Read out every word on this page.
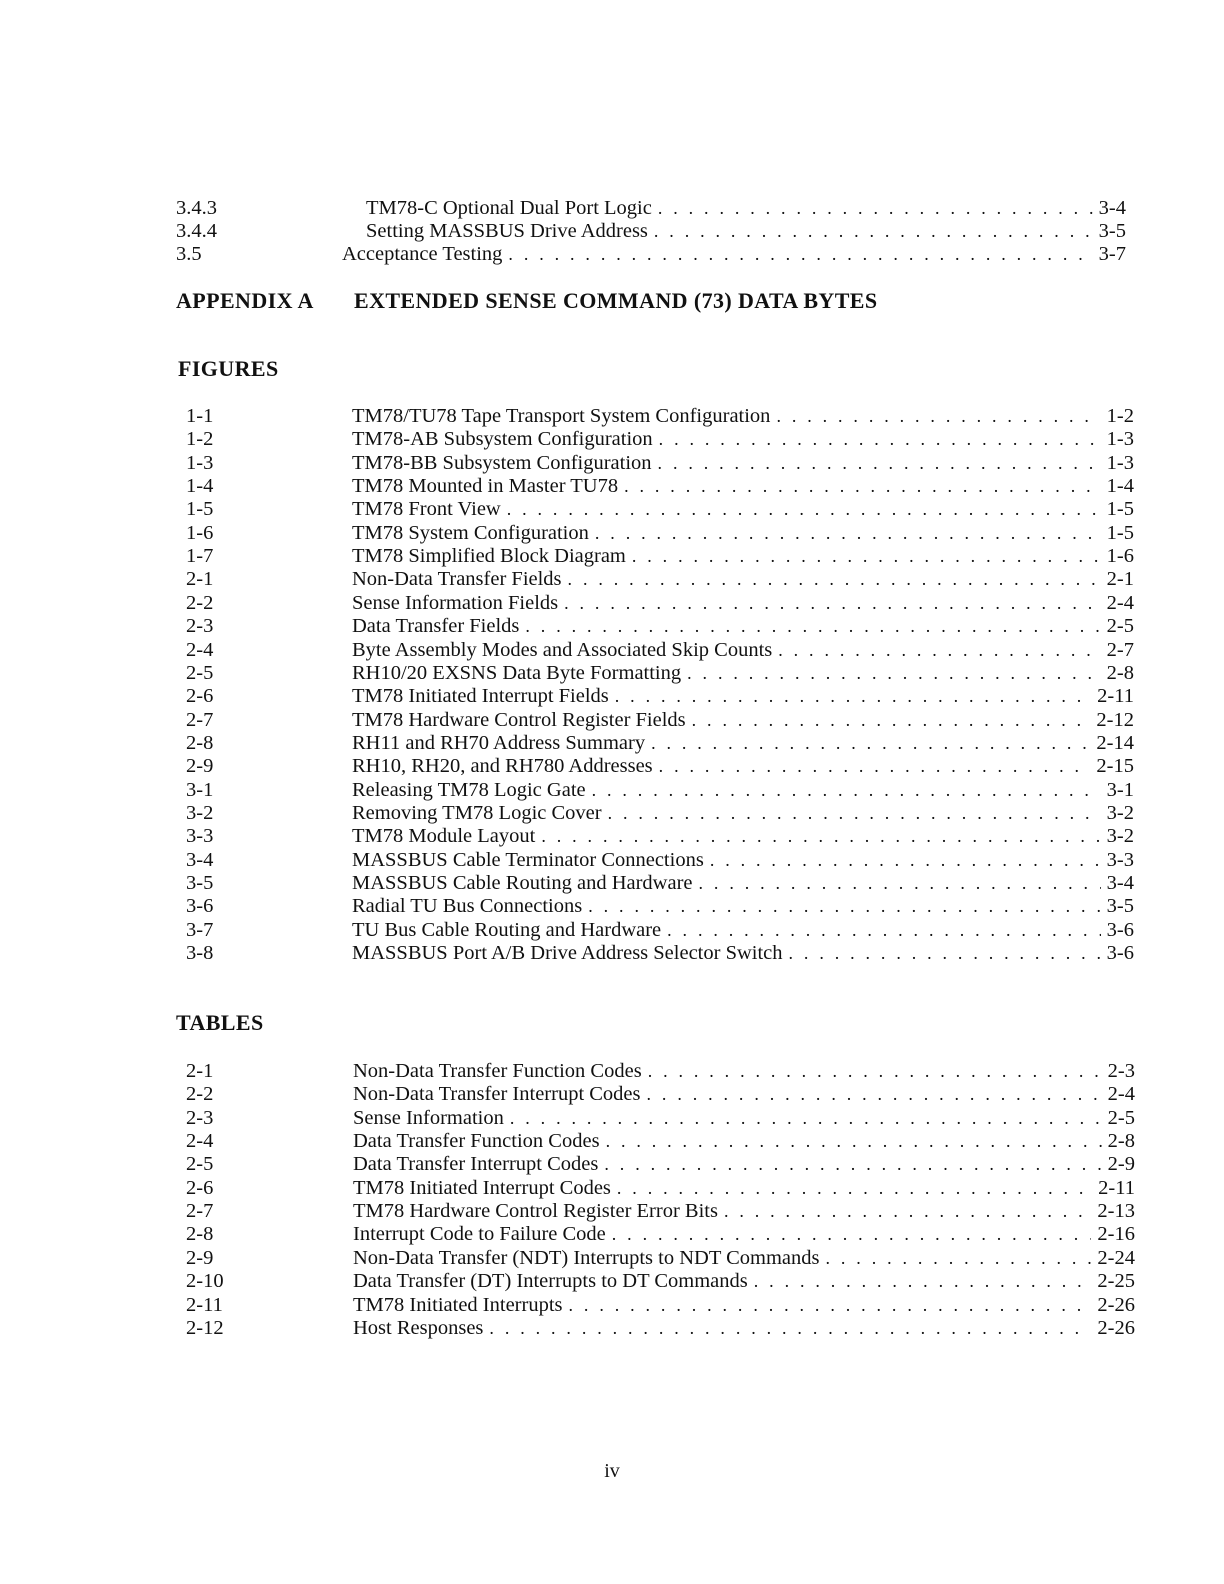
3.4.3	TM78-C Optional Dual Port Logic . . .	3-4
3.4.4	Setting MASSBUS Drive Address . . .	3-5
3.5	Acceptance Testing . . .	3-7
APPENDIX A EXTENDED SENSE COMMAND (73) DATA BYTES
FIGURES
1-1	TM78/TU78 Tape Transport System Configuration . . .	1-2
1-2	TM78-AB Subsystem Configuration . . .	1-3
1-3	TM78-BB Subsystem Configuration . . .	1-3
1-4	TM78 Mounted in Master TU78 . . .	1-4
1-5	TM78 Front View . . .	1-5
1-6	TM78 System Configuration . . .	1-5
1-7	TM78 Simplified Block Diagram . . .	1-6
2-1	Non-Data Transfer Fields . . .	2-1
2-2	Sense Information Fields . . .	2-4
2-3	Data Transfer Fields . . .	2-5
2-4	Byte Assembly Modes and Associated Skip Counts . . .	2-7
2-5	RH10/20 EXSNS Data Byte Formatting . . .	2-8
2-6	TM78 Initiated Interrupt Fields . . .	2-11
2-7	TM78 Hardware Control Register Fields . . .	2-12
2-8	RH11 and RH70 Address Summary . . .	2-14
2-9	RH10, RH20, and RH780 Addresses . . .	2-15
3-1	Releasing TM78 Logic Gate . . .	3-1
3-2	Removing TM78 Logic Cover . . .	3-2
3-3	TM78 Module Layout . . .	3-2
3-4	MASSBUS Cable Terminator Connections . . .	3-3
3-5	MASSBUS Cable Routing and Hardware . . .	3-4
3-6	Radial TU Bus Connections . . .	3-5
3-7	TU Bus Cable Routing and Hardware . . .	3-6
3-8	MASSBUS Port A/B Drive Address Selector Switch . . .	3-6
TABLES
2-1	Non-Data Transfer Function Codes . . .	2-3
2-2	Non-Data Transfer Interrupt Codes . . .	2-4
2-3	Sense Information . . .	2-5
2-4	Data Transfer Function Codes . . .	2-8
2-5	Data Transfer Interrupt Codes . . .	2-9
2-6	TM78 Initiated Interrupt Codes . . .	2-11
2-7	TM78 Hardware Control Register Error Bits . . .	2-13
2-8	Interrupt Code to Failure Code . . .	2-16
2-9	Non-Data Transfer (NDT) Interrupts to NDT Commands . . .	2-24
2-10	Data Transfer (DT) Interrupts to DT Commands . . .	2-25
2-11	TM78 Initiated Interrupts . . .	2-26
2-12	Host Responses . . .	2-26
iv
